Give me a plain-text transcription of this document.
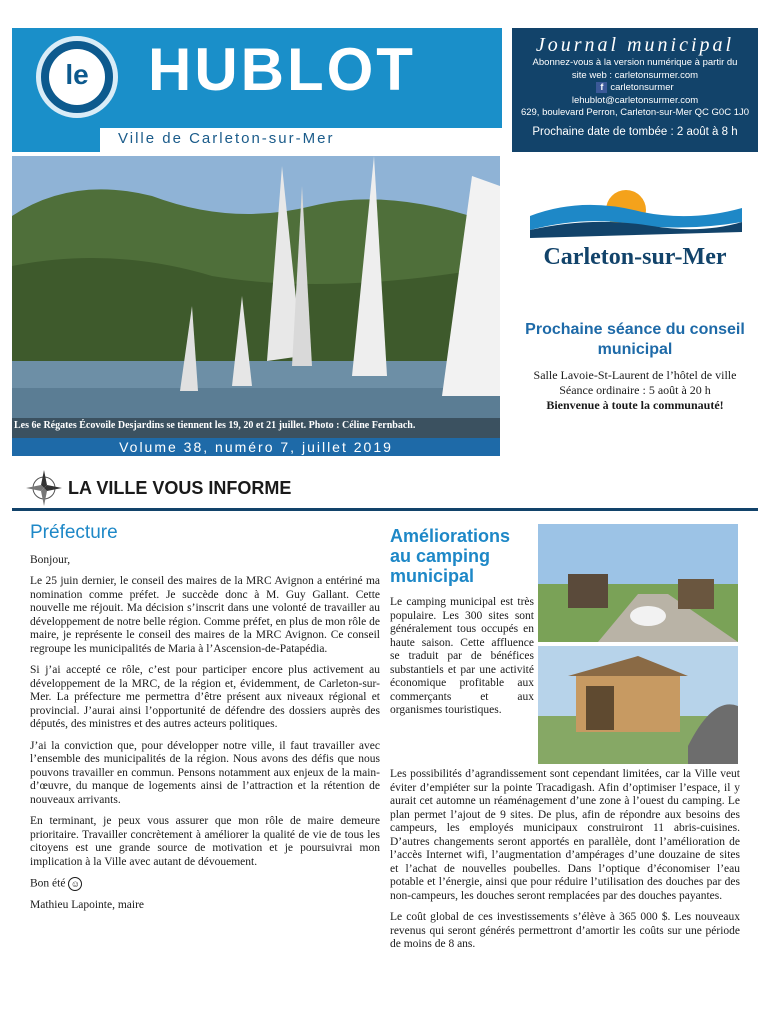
le HUBLOT
Ville de Carleton-sur-Mer
Journal municipal
Abonnez-vous à la version numérique à partir du
site web : carletonsurmer.com
f carletonsurmer
lehublot@carletonsurmer.com
629, boulevard Perron, Carleton-sur-Mer QC G0C 1J0
Prochaine date de tombée : 2 août à 8 h
Les 6e Régates Écovoile Desjardins se tiennent les 19, 20 et 21 juillet. Photo : Céline Fernbach.
Volume 38, numéro 7, juillet 2019
Carleton-sur-Mer
Prochaine séance du conseil municipal
Salle Lavoie-St-Laurent de l’hôtel de ville
Séance ordinaire : 5 août à 20 h
Bienvenue à toute la communauté!
LA VILLE VOUS INFORME
Préfecture

Bonjour,

Le 25 juin dernier, le conseil des maires de la MRC Avignon a entériné ma nomination comme préfet. Je succède donc à M. Guy Gallant. Cette nouvelle me réjouit. Ma décision s’inscrit dans une volonté de travailler au développement de notre belle région. Comme préfet, en plus de mon rôle de maire, je représente le conseil des maires de la MRC Avignon. Ce conseil regroupe les municipalités de Maria à l’Ascension-de-Patapédia.

Si j’ai accepté ce rôle, c’est pour participer encore plus activement au développement de la MRC, de la région et, évidemment, de Carleton-sur-Mer. La préfecture me permettra d’être présent aux niveaux régional et provincial. J’aurai ainsi l’opportunité de défendre des dossiers auprès des députés, des ministres et des autres acteurs politiques.

J’ai la conviction que, pour développer notre ville, il faut travailler avec l’ensemble des municipalités de la région. Nous avons des défis que nous pouvons travailler en commun. Pensons notamment aux enjeux de la main-d’œuvre, du manque de logements ainsi de l’attraction et la rétention de nouveaux arrivants.

En terminant, je peux vous assurer que mon rôle de maire demeure prioritaire. Travailler concrètement à améliorer la qualité de vie de tous les citoyens est une grande source de motivation et je poursuivrai mon implication à la Ville avec autant de dévouement.

Bon été ☺

Mathieu Lapointe, maire

Améliorations au camping municipal
Le camping municipal est très populaire. Les 300 sites sont généralement tous occupés en haute saison. Cette affluence se traduit par de bénéfices substantiels et par une activité économique profitable aux commerçants et aux organismes touristiques.

Les possibilités d’agrandissement sont cependant limitées, car la Ville veut éviter d’empiéter sur la pointe Tracadigash. Afin d’optimiser l’espace, il y aurait cet automne un réaménagement d’une zone à l’ouest du camping. Le plan permet l’ajout de 9 sites. De plus, afin de répondre aux besoins des campeurs, les employés municipaux construiront 11 abris-cuisines. D’autres changements seront apportés en parallèle, dont l’amélioration de l’accès Internet wifi, l’augmentation d’ampérages d’une douzaine de sites et l’achat de nouvelles poubelles. Dans l’optique d’économiser l’eau potable et l’énergie, ainsi que pour réduire l’utilisation des douches par des non-campeurs, les douches seront remplacées par des douches payantes.

Le coût global de ces investissements s’élève à 365 000 $. Les nouveaux revenus qui seront générés permettront d’amortir les coûts sur une période de moins de 8 ans.
